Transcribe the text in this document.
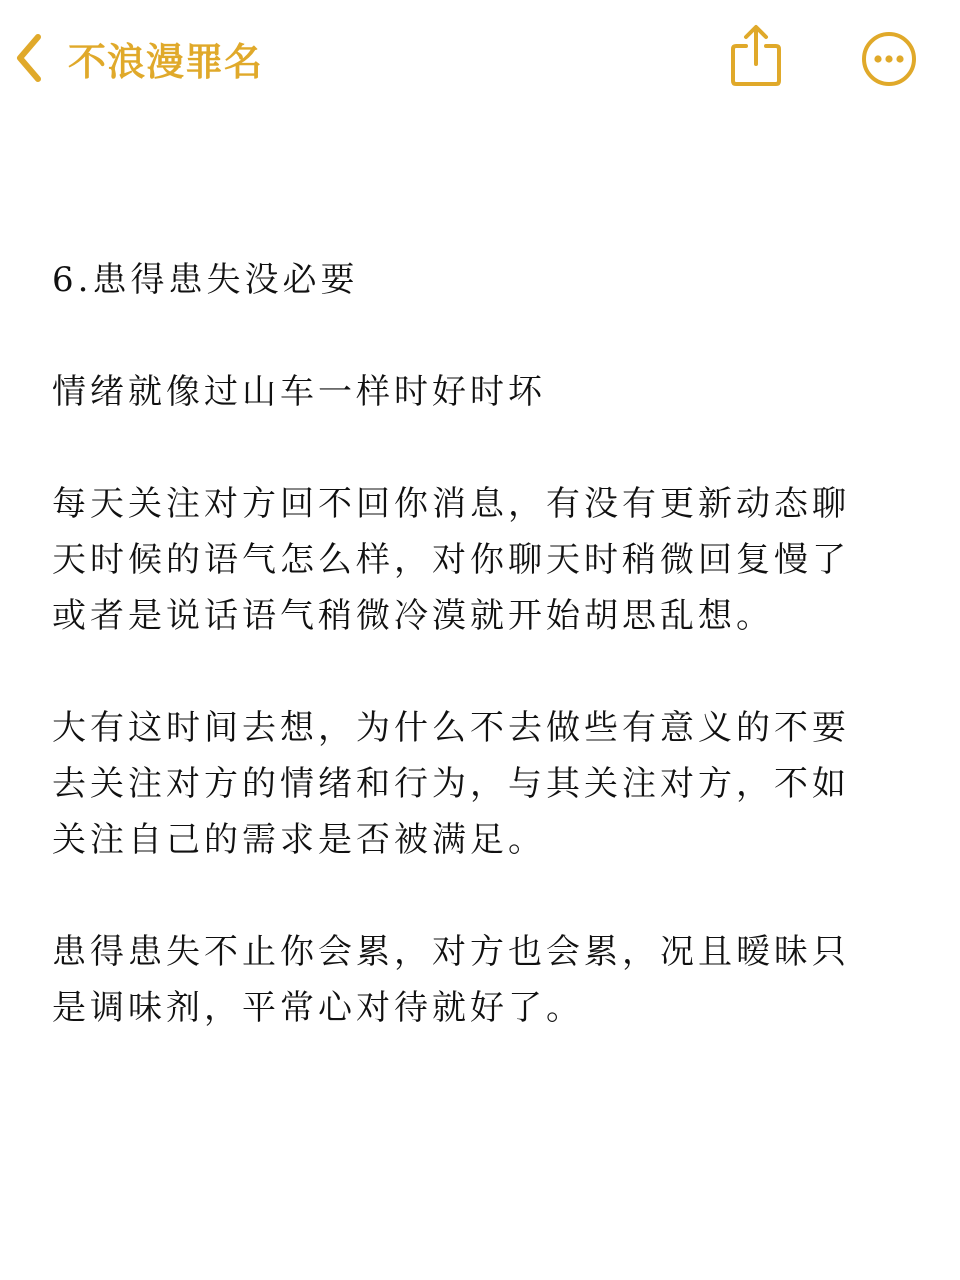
不浪漫罪名

6.患得患失没必要

情绪就像过山车一样时好时坏

每天关注对方回不回你消息，有没有更新动态聊
天时候的语气怎么样，对你聊天时稍微回复慢了
或者是说话语气稍微冷漠就开始胡思乱想。

大有这时间去想，为什么不去做些有意义的不要
去关注对方的情绪和行为，与其关注对方，不如
关注自己的需求是否被满足。

患得患失不止你会累，对方也会累，况且暧昧只
是调味剂，平常心对待就好了。
